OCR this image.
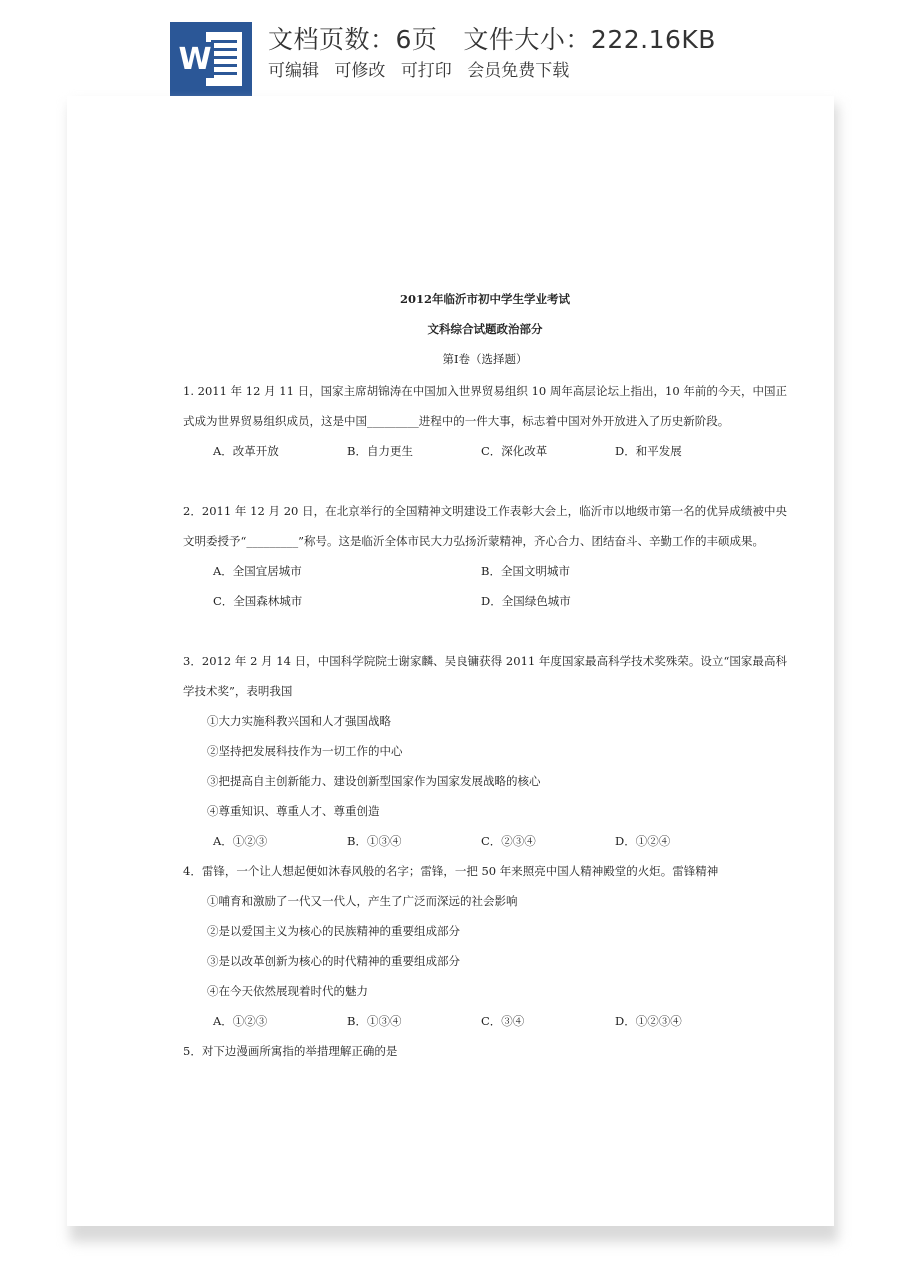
W
文档页数：6页 文件大小：222.16KB
可编辑 可修改 可打印 会员免费下载
2012年临沂市初中学生学业考试
文科综合试题政治部分
第Ⅰ卷（选择题）

1. 2011 年 12 月 11 日，国家主席胡锦涛在中国加入世界贸易组织 10 周年高层论坛上指出，10 年前的今天，中国正式成为世界贸易组织成员，这是中国_________进程中的一件大事，标志着中国对外开放进入了历史新阶段。

A．改革开放	B．自力更生	C．深化改革	D．和平发展

2．2011 年 12 月 20 日，在北京举行的全国精神文明建设工作表彰大会上，临沂市以地级市第一名的优异成绩被中央文明委授予“_________”称号。这是临沂全体市民大力弘扬沂蒙精神，齐心合力、团结奋斗、辛勤工作的丰硕成果。

A．全国宜居城市	B．全国文明城市
C．全国森林城市	D．全国绿色城市

3．2012 年 2 月 14 日，中国科学院院士谢家麟、吴良镛获得 2011 年度国家最高科学技术奖殊荣。设立“国家最高科学技术奖”，表明我国

①大力实施科教兴国和人才强国战略

②坚持把发展科技作为一切工作的中心

③把提高自主创新能力、建设创新型国家作为国家发展战略的核心

④尊重知识、尊重人才、尊重创造

A．①②③	B．①③④	C．②③④	D．①②④

4．雷锋，一个让人想起便如沐春风般的名字；雷锋，一把 50 年来照亮中国人精神殿堂的火炬。雷锋精神

①哺育和激励了一代又一代人，产生了广泛而深远的社会影响

②是以爱国主义为核心的民族精神的重要组成部分

③是以改革创新为核心的时代精神的重要组成部分

④在今天依然展现着时代的魅力

A．①②③	B．①③④	C．③④	D．①②③④

5．对下边漫画所寓指的举措理解正确的是
